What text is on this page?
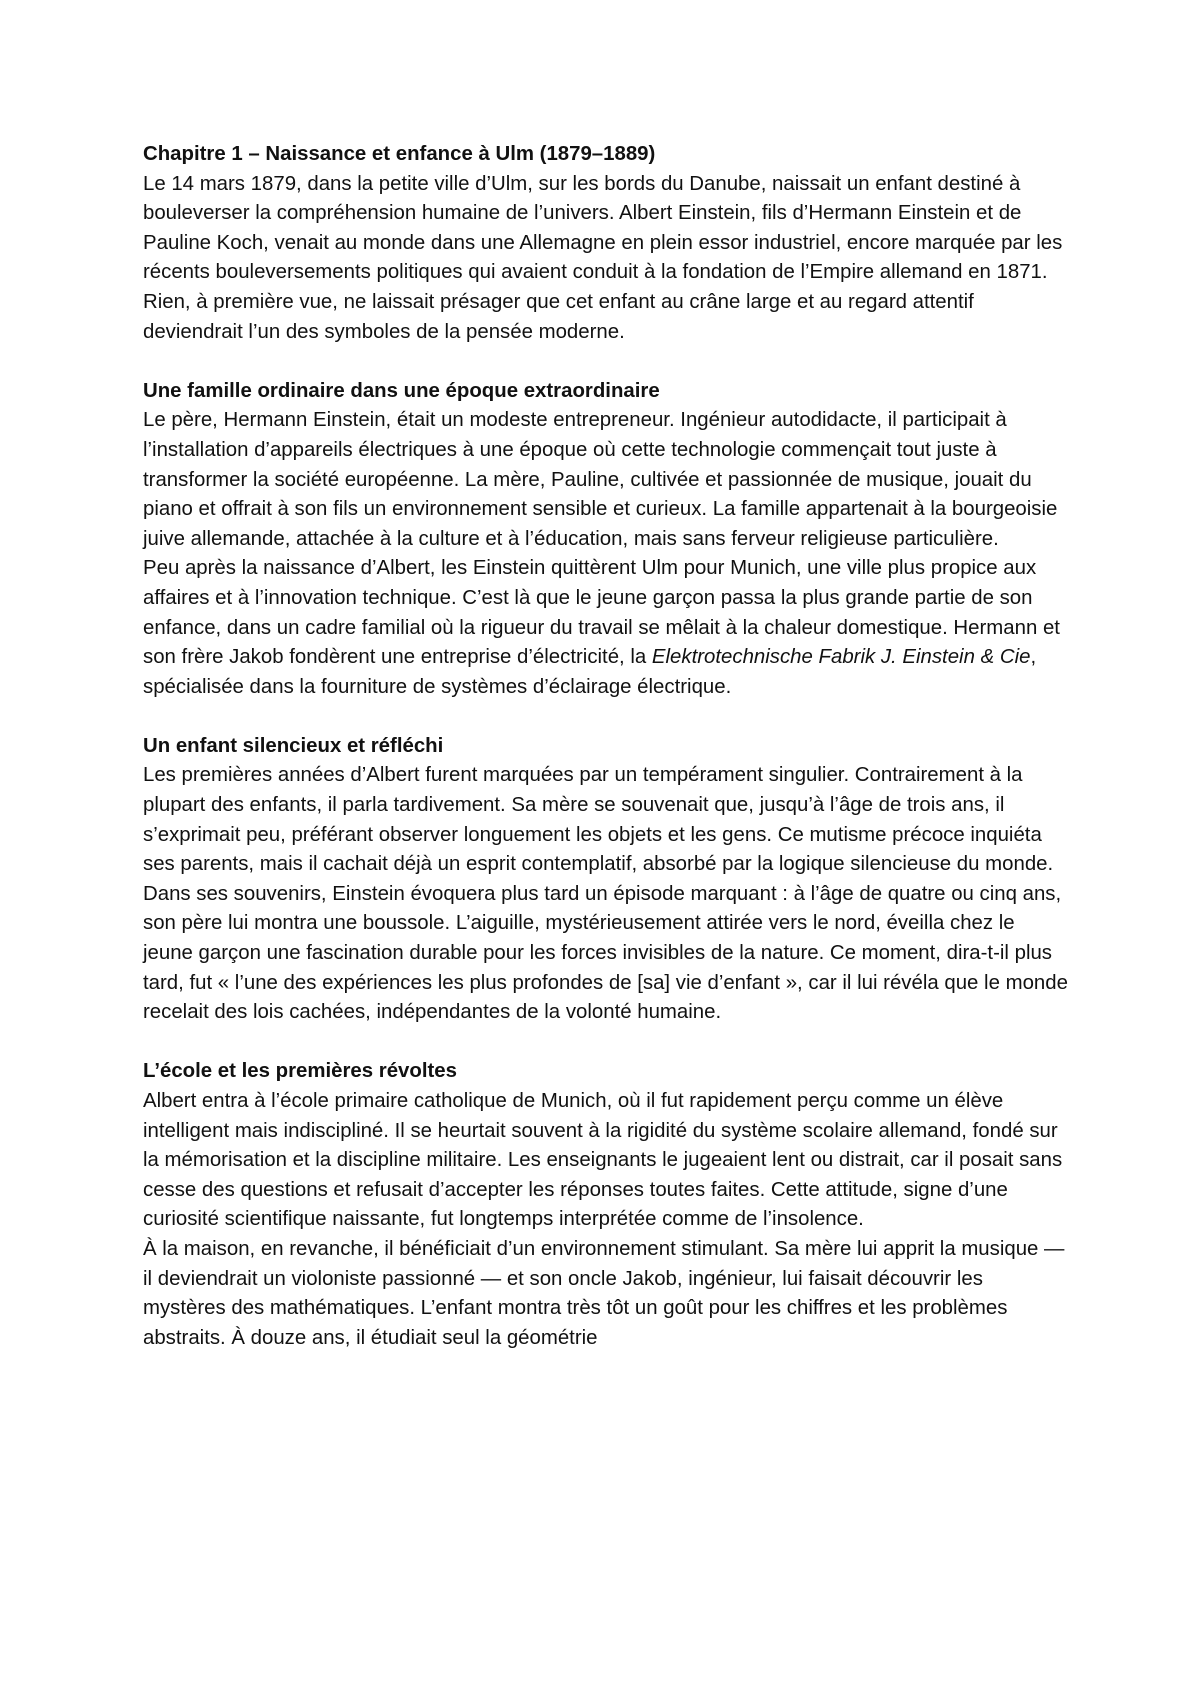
Chapitre 1 – Naissance et enfance à Ulm (1879–1889)

Le 14 mars 1879, dans la petite ville d’Ulm, sur les bords du Danube, naissait un enfant destiné à bouleverser la compréhension humaine de l’univers. Albert Einstein, fils d’Hermann Einstein et de Pauline Koch, venait au monde dans une Allemagne en plein essor industriel, encore marquée par les récents bouleversements politiques qui avaient conduit à la fondation de l’Empire allemand en 1871. Rien, à première vue, ne laissait présager que cet enfant au crâne large et au regard attentif deviendrait l’un des symboles de la pensée moderne.

Une famille ordinaire dans une époque extraordinaire

Le père, Hermann Einstein, était un modeste entrepreneur. Ingénieur autodidacte, il participait à l’installation d’appareils électriques à une époque où cette technologie commençait tout juste à transformer la société européenne. La mère, Pauline, cultivée et passionnée de musique, jouait du piano et offrait à son fils un environnement sensible et curieux. La famille appartenait à la bourgeoisie juive allemande, attachée à la culture et à l’éducation, mais sans ferveur religieuse particulière.

Peu après la naissance d’Albert, les Einstein quittèrent Ulm pour Munich, une ville plus propice aux affaires et à l’innovation technique. C’est là que le jeune garçon passa la plus grande partie de son enfance, dans un cadre familial où la rigueur du travail se mêlait à la chaleur domestique. Hermann et son frère Jakob fondèrent une entreprise d’électricité, la Elektrotechnische Fabrik J. Einstein & Cie, spécialisée dans la fourniture de systèmes d’éclairage électrique.

Un enfant silencieux et réfléchi

Les premières années d’Albert furent marquées par un tempérament singulier. Contrairement à la plupart des enfants, il parla tardivement. Sa mère se souvenait que, jusqu’à l’âge de trois ans, il s’exprimait peu, préférant observer longuement les objets et les gens. Ce mutisme précoce inquiéta ses parents, mais il cachait déjà un esprit contemplatif, absorbé par la logique silencieuse du monde.

Dans ses souvenirs, Einstein évoquera plus tard un épisode marquant : à l’âge de quatre ou cinq ans, son père lui montra une boussole. L’aiguille, mystérieusement attirée vers le nord, éveilla chez le jeune garçon une fascination durable pour les forces invisibles de la nature. Ce moment, dira-t-il plus tard, fut « l’une des expériences les plus profondes de [sa] vie d’enfant », car il lui révéla que le monde recelait des lois cachées, indépendantes de la volonté humaine.

L’école et les premières révoltes

Albert entra à l’école primaire catholique de Munich, où il fut rapidement perçu comme un élève intelligent mais indiscipliné. Il se heurtait souvent à la rigidité du système scolaire allemand, fondé sur la mémorisation et la discipline militaire. Les enseignants le jugeaient lent ou distrait, car il posait sans cesse des questions et refusait d’accepter les réponses toutes faites. Cette attitude, signe d’une curiosité scientifique naissante, fut longtemps interprétée comme de l’insolence.

À la maison, en revanche, il bénéficiait d’un environnement stimulant. Sa mère lui apprit la musique — il deviendrait un violoniste passionné — et son oncle Jakob, ingénieur, lui faisait découvrir les mystères des mathématiques. L’enfant montra très tôt un goût pour les chiffres et les problèmes abstraits. À douze ans, il étudiait seul la géométrie
